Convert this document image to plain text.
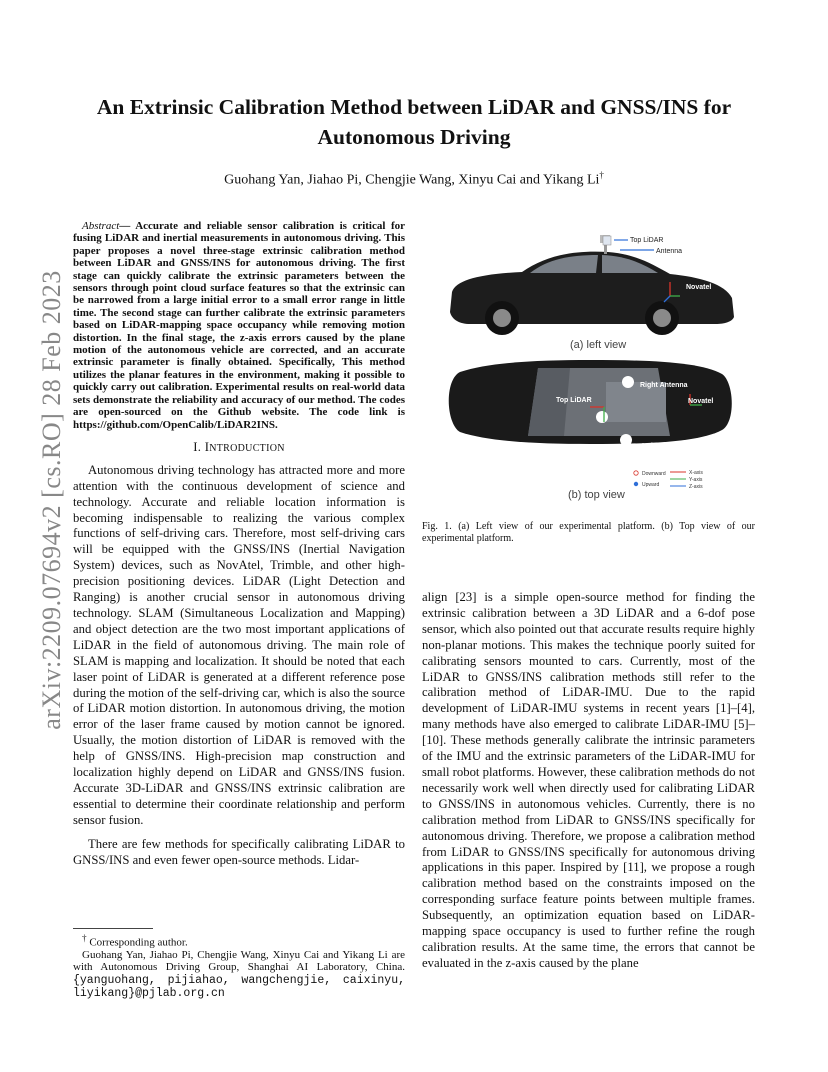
arXiv:2209.07694v2 [cs.RO] 28 Feb 2023
An Extrinsic Calibration Method between LiDAR and GNSS/INS for Autonomous Driving
Guohang Yan, Jiahao Pi, Chengjie Wang, Xinyu Cai and Yikang Li†

Abstract— Accurate and reliable sensor calibration is critical for fusing LiDAR and inertial measurements in autonomous driving. This paper proposes a novel three-stage extrinsic calibration method between LiDAR and GNSS/INS for autonomous driving. The first stage can quickly calibrate the extrinsic parameters between the sensors through point cloud surface features so that the extrinsic can be narrowed from a large initial error to a small error range in little time. The second stage can further calibrate the extrinsic parameters based on LiDAR-mapping space occupancy while removing motion distortion. In the final stage, the z-axis errors caused by the plane motion of the autonomous vehicle are corrected, and an accurate extrinsic parameter is finally obtained. Specifically, This method utilizes the planar features in the environment, making it possible to quickly carry out calibration. Experimental results on real-world data sets demonstrate the reliability and accuracy of our method. The codes are open-sourced on the Github website. The code link is https://github.com/OpenCalib/LiDAR2INS.

I. INTRODUCTION

Autonomous driving technology has attracted more and more attention with the continuous development of science and technology. Accurate and reliable location information is becoming indispensable to realizing the various complex functions of self-driving cars. Therefore, most self-driving cars will be equipped with the GNSS/INS (Inertial Navigation System) devices, such as NovAtel, Trimble, and other high-precision positioning devices. LiDAR (Light Detection and Ranging) is another crucial sensor in autonomous driving technology. SLAM (Simultaneous Localization and Mapping) and object detection are the two most important applications of LiDAR in the field of autonomous driving. The main role of SLAM is mapping and localization. It should be noted that each laser point of LiDAR is generated at a different reference pose during the motion of the self-driving car, which is also the source of LiDAR motion distortion. In autonomous driving, the motion error of the laser frame caused by motion cannot be ignored. Usually, the motion distortion of LiDAR is removed with the help of GNSS/INS. High-precision map construction and localization highly depend on LiDAR and GNSS/INS fusion. Accurate 3D-LiDAR and GNSS/INS extrinsic calibration are essential to determine their coordinate relationship and perform sensor fusion.

There are few methods for specifically calibrating LiDAR to GNSS/INS and even fewer open-source methods. Lidar-

† Corresponding author.
Guohang Yan, Jiahao Pi, Chengjie Wang, Xinyu Cai and Yikang Li are with Autonomous Driving Group, Shanghai AI Laboratory, China. {yanguohang, pijiahao, wangchengjie, caixinyu, liyikang}@pjlab.org.cn
Top LiDAR
Antenna
Novatel
(a) left view
Top LiDAR
Right Antenna
Novatel
Left Antenna
Downward
Upward
X-axis
Y-axis
Z-axis
(b) top view
Fig. 1. (a) Left view of our experimental platform. (b) Top view of our experimental platform.

align [23] is a simple open-source method for finding the extrinsic calibration between a 3D LiDAR and a 6-dof pose sensor, which also pointed out that accurate results require highly non-planar motions. This makes the technique poorly suited for calibrating sensors mounted to cars. Currently, most of the LiDAR to GNSS/INS calibration methods still refer to the calibration method of LiDAR-IMU. Due to the rapid development of LiDAR-IMU systems in recent years [1]–[4], many methods have also emerged to calibrate LiDAR-IMU [5]–[10]. These methods generally calibrate the intrinsic parameters of the IMU and the extrinsic parameters of the LiDAR-IMU for small robot platforms. However, these calibration methods do not necessarily work well when directly used for calibrating LiDAR to GNSS/INS in autonomous vehicles. Currently, there is no calibration method from LiDAR to GNSS/INS specifically for autonomous driving. Therefore, we propose a calibration method from LiDAR to GNSS/INS specifically for autonomous driving applications in this paper. Inspired by [11], we propose a rough calibration method based on the constraints imposed on the corresponding surface feature points between multiple frames. Subsequently, an optimization equation based on LiDAR-mapping space occupancy is used to further refine the rough calibration results. At the same time, the errors that cannot be evaluated in the z-axis caused by the plane
